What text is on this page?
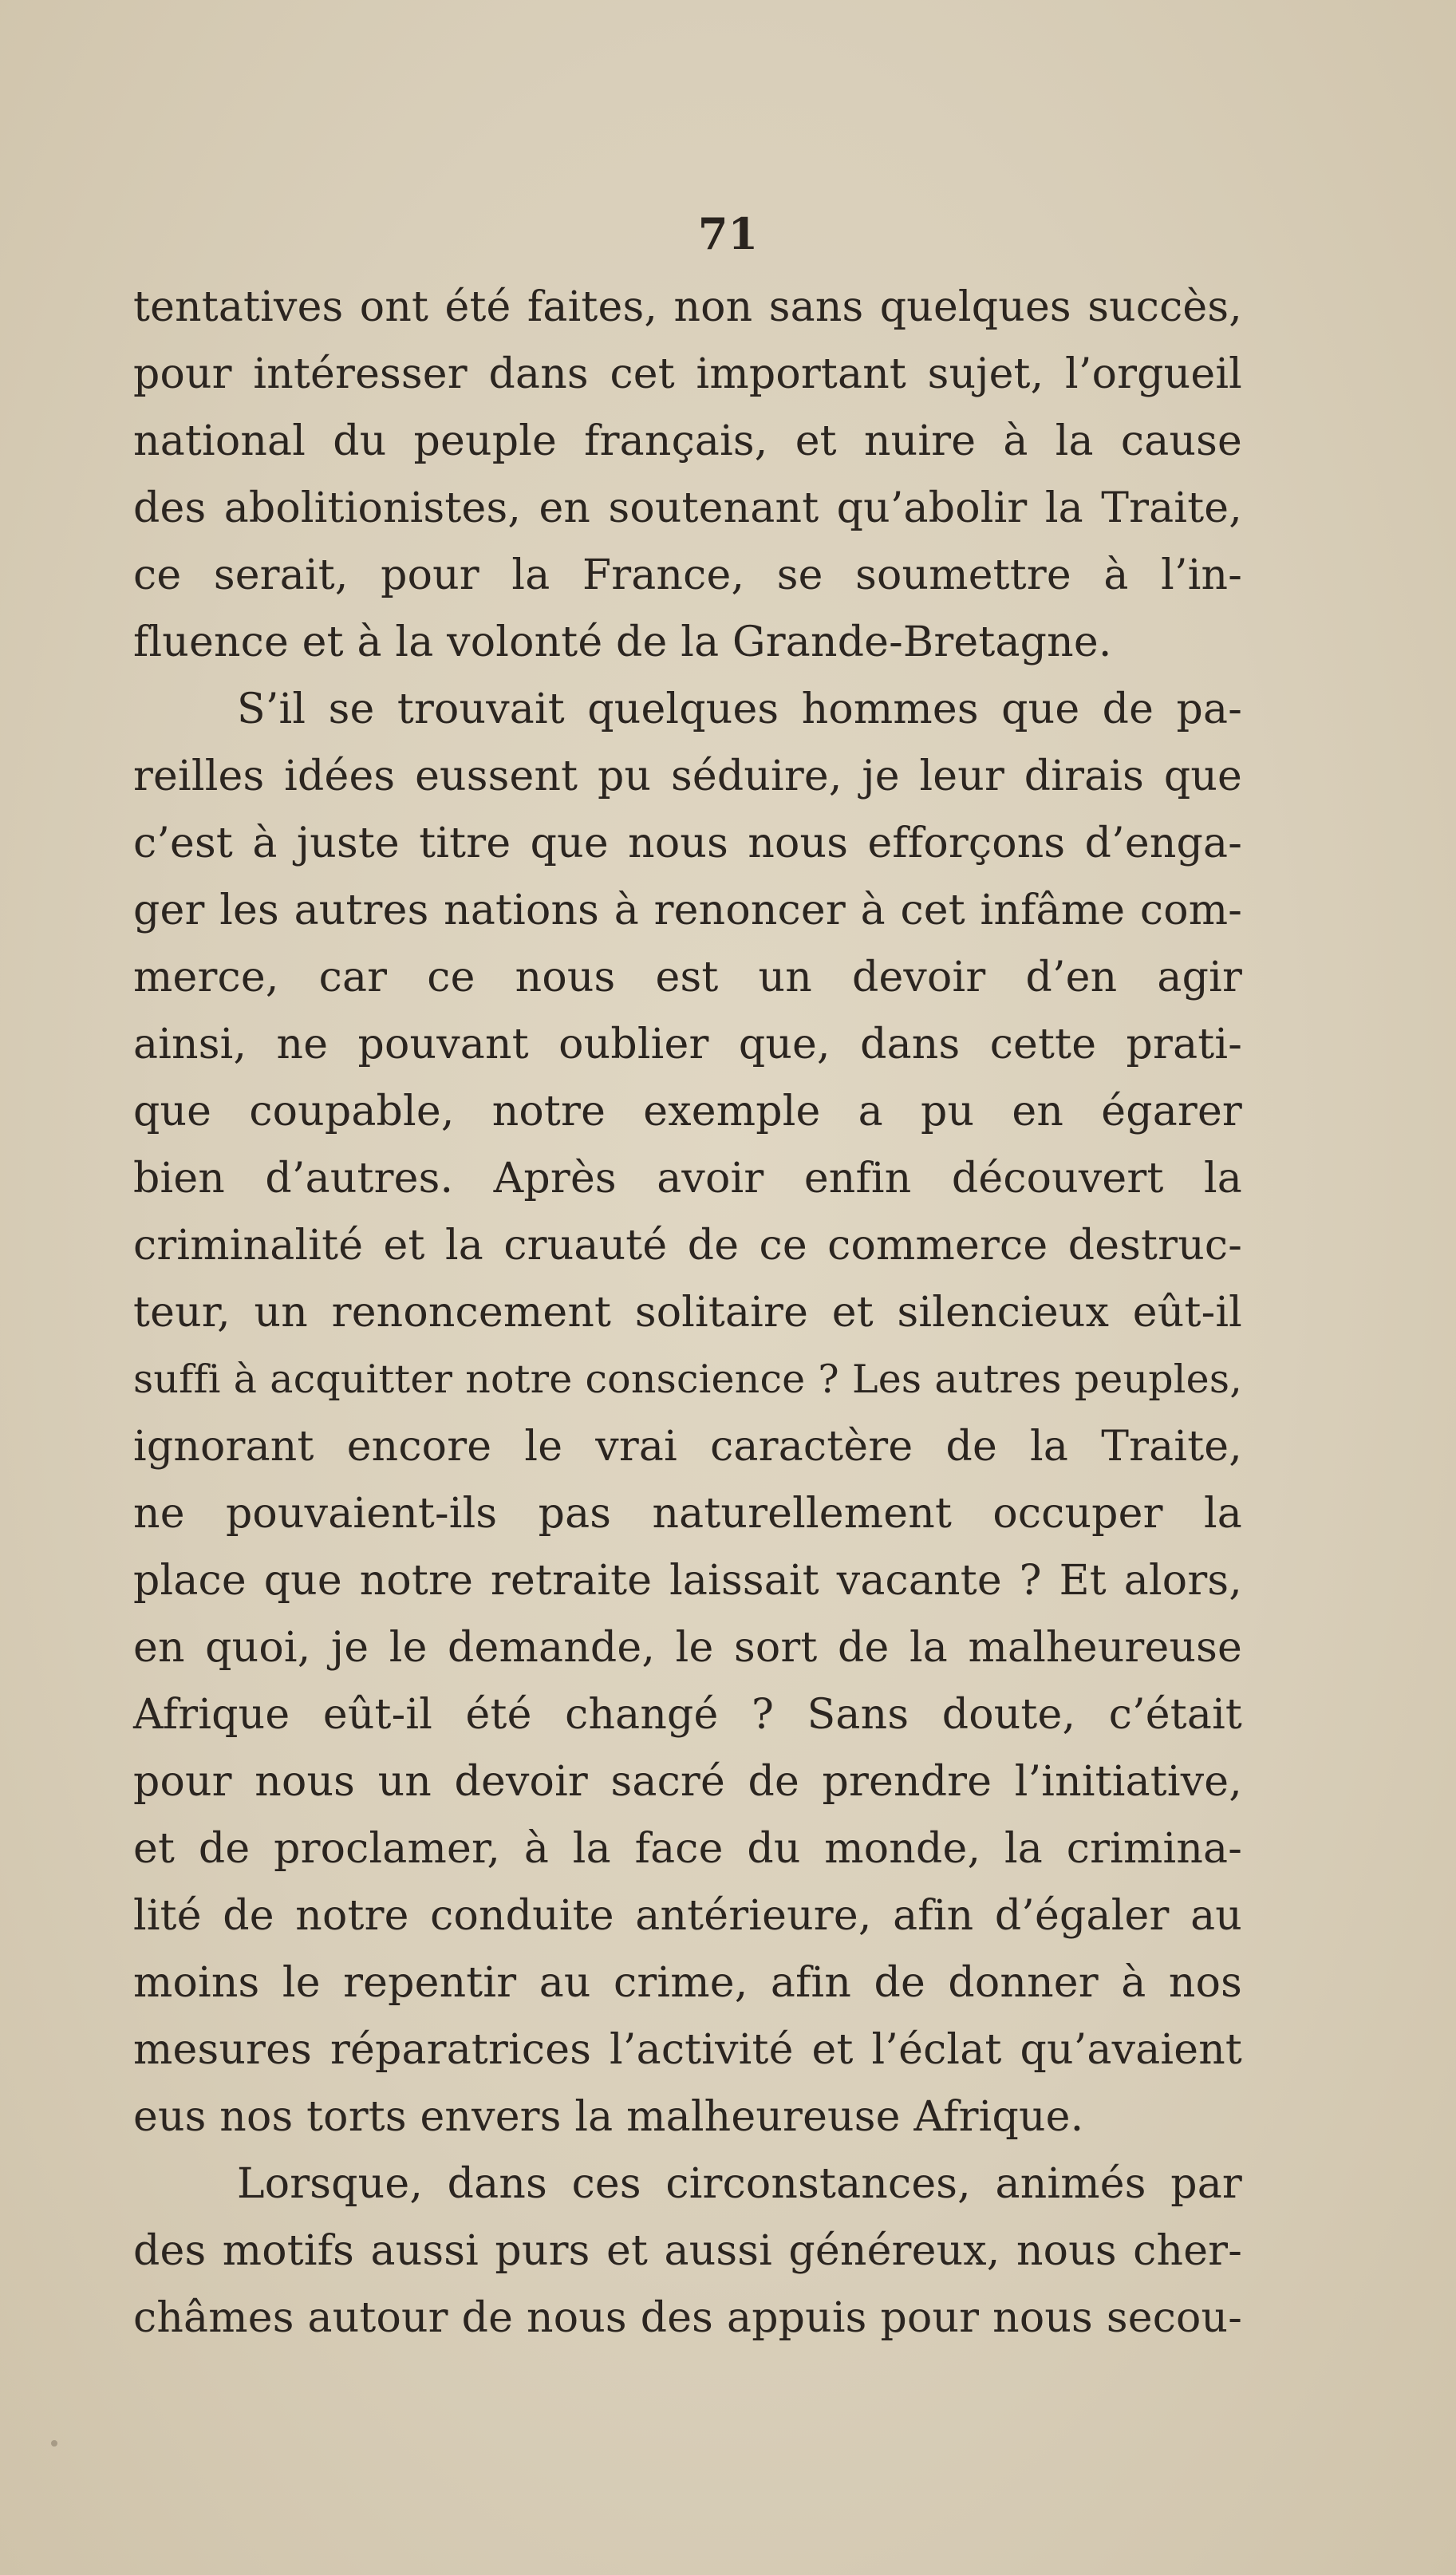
71
tentatives ont été faites, non sans quelques succès,
pour intéresser dans cet important sujet, l’orgueil
national du peuple français, et nuire à la cause
des abolitionistes, en soutenant qu’abolir la Traite,
ce serait, pour la France, se soumettre à l’in-
fluence et à la volonté de la Grande-Bretagne.
S’il se trouvait quelques hommes que de pa-
reilles idées eussent pu séduire, je leur dirais que
c’est à juste titre que nous nous efforçons d’enga-
ger les autres nations à renoncer à cet infâme com-
merce, car ce nous est un devoir d’en agir
ainsi, ne pouvant oublier que, dans cette prati-
que coupable, notre exemple a pu en égarer
bien d’autres. Après avoir enfin découvert la
criminalité et la cruauté de ce commerce destruc-
teur, un renoncement solitaire et silencieux eût-il
suffi à acquitter notre conscience ? Les autres peuples,
ignorant encore le vrai caractère de la Traite,
ne pouvaient-ils pas naturellement occuper la
place que notre retraite laissait vacante ? Et alors,
en quoi, je le demande, le sort de la malheureuse
Afrique eût-il été changé ? Sans doute, c’était
pour nous un devoir sacré de prendre l’initiative,
et de proclamer, à la face du monde, la crimina-
lité de notre conduite antérieure, afin d’égaler au
moins le repentir au crime, afin de donner à nos
mesures réparatrices l’activité et l’éclat qu’avaient
eus nos torts envers la malheureuse Afrique.
Lorsque, dans ces circonstances, animés par
des motifs aussi purs et aussi généreux, nous cher-
châmes autour de nous des appuis pour nous secou-
